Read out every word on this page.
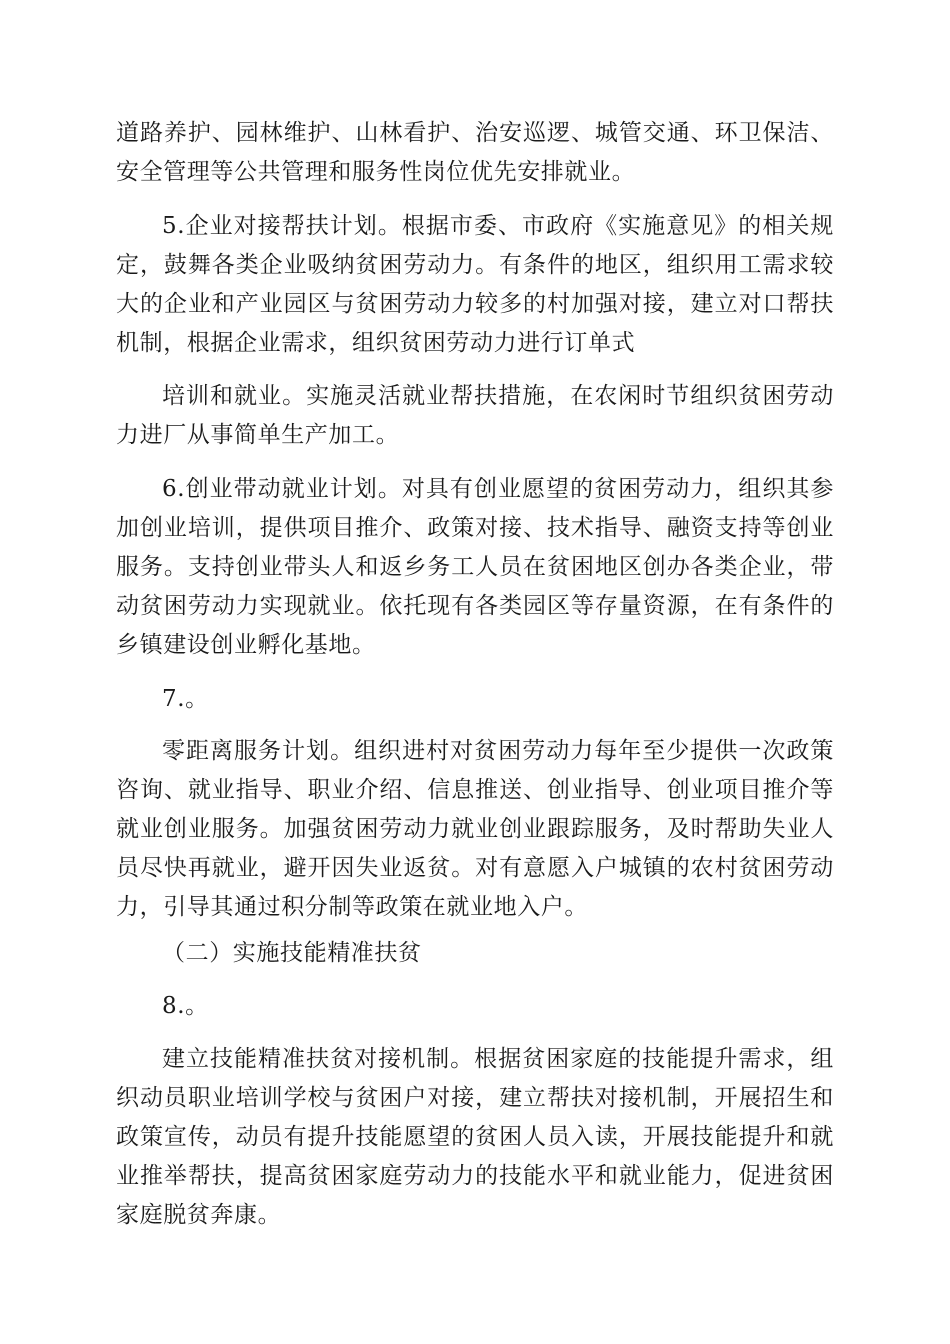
道路养护、园林维护、山林看护、治安巡逻、城管交通、环卫保洁、安全管理等公共管理和服务性岗位优先安排就业。

5.企业对接帮扶计划。根据市委、市政府《实施意见》的相关规定，鼓舞各类企业吸纳贫困劳动力。有条件的地区，组织用工需求较大的企业和产业园区与贫困劳动力较多的村加强对接，建立对口帮扶机制，根据企业需求，组织贫困劳动力进行订单式

培训和就业。实施灵活就业帮扶措施，在农闲时节组织贫困劳动力进厂从事简单生产加工。

6.创业带动就业计划。对具有创业愿望的贫困劳动力，组织其参加创业培训，提供项目推介、政策对接、技术指导、融资支持等创业服务。支持创业带头人和返乡务工人员在贫困地区创办各类企业，带动贫困劳动力实现就业。依托现有各类园区等存量资源，在有条件的乡镇建设创业孵化基地。

7.。

零距离服务计划。组织进村对贫困劳动力每年至少提供一次政策咨询、就业指导、职业介绍、信息推送、创业指导、创业项目推介等就业创业服务。加强贫困劳动力就业创业跟踪服务，及时帮助失业人员尽快再就业，避开因失业返贫。对有意愿入户城镇的农村贫困劳动力，引导其通过积分制等政策在就业地入户。

（二）实施技能精准扶贫

8.。

建立技能精准扶贫对接机制。根据贫困家庭的技能提升需求，组织动员职业培训学校与贫困户对接，建立帮扶对接机制，开展招生和政策宣传，动员有提升技能愿望的贫困人员入读，开展技能提升和就业推举帮扶，提高贫困家庭劳动力的技能水平和就业能力，促进贫困家庭脱贫奔康。
